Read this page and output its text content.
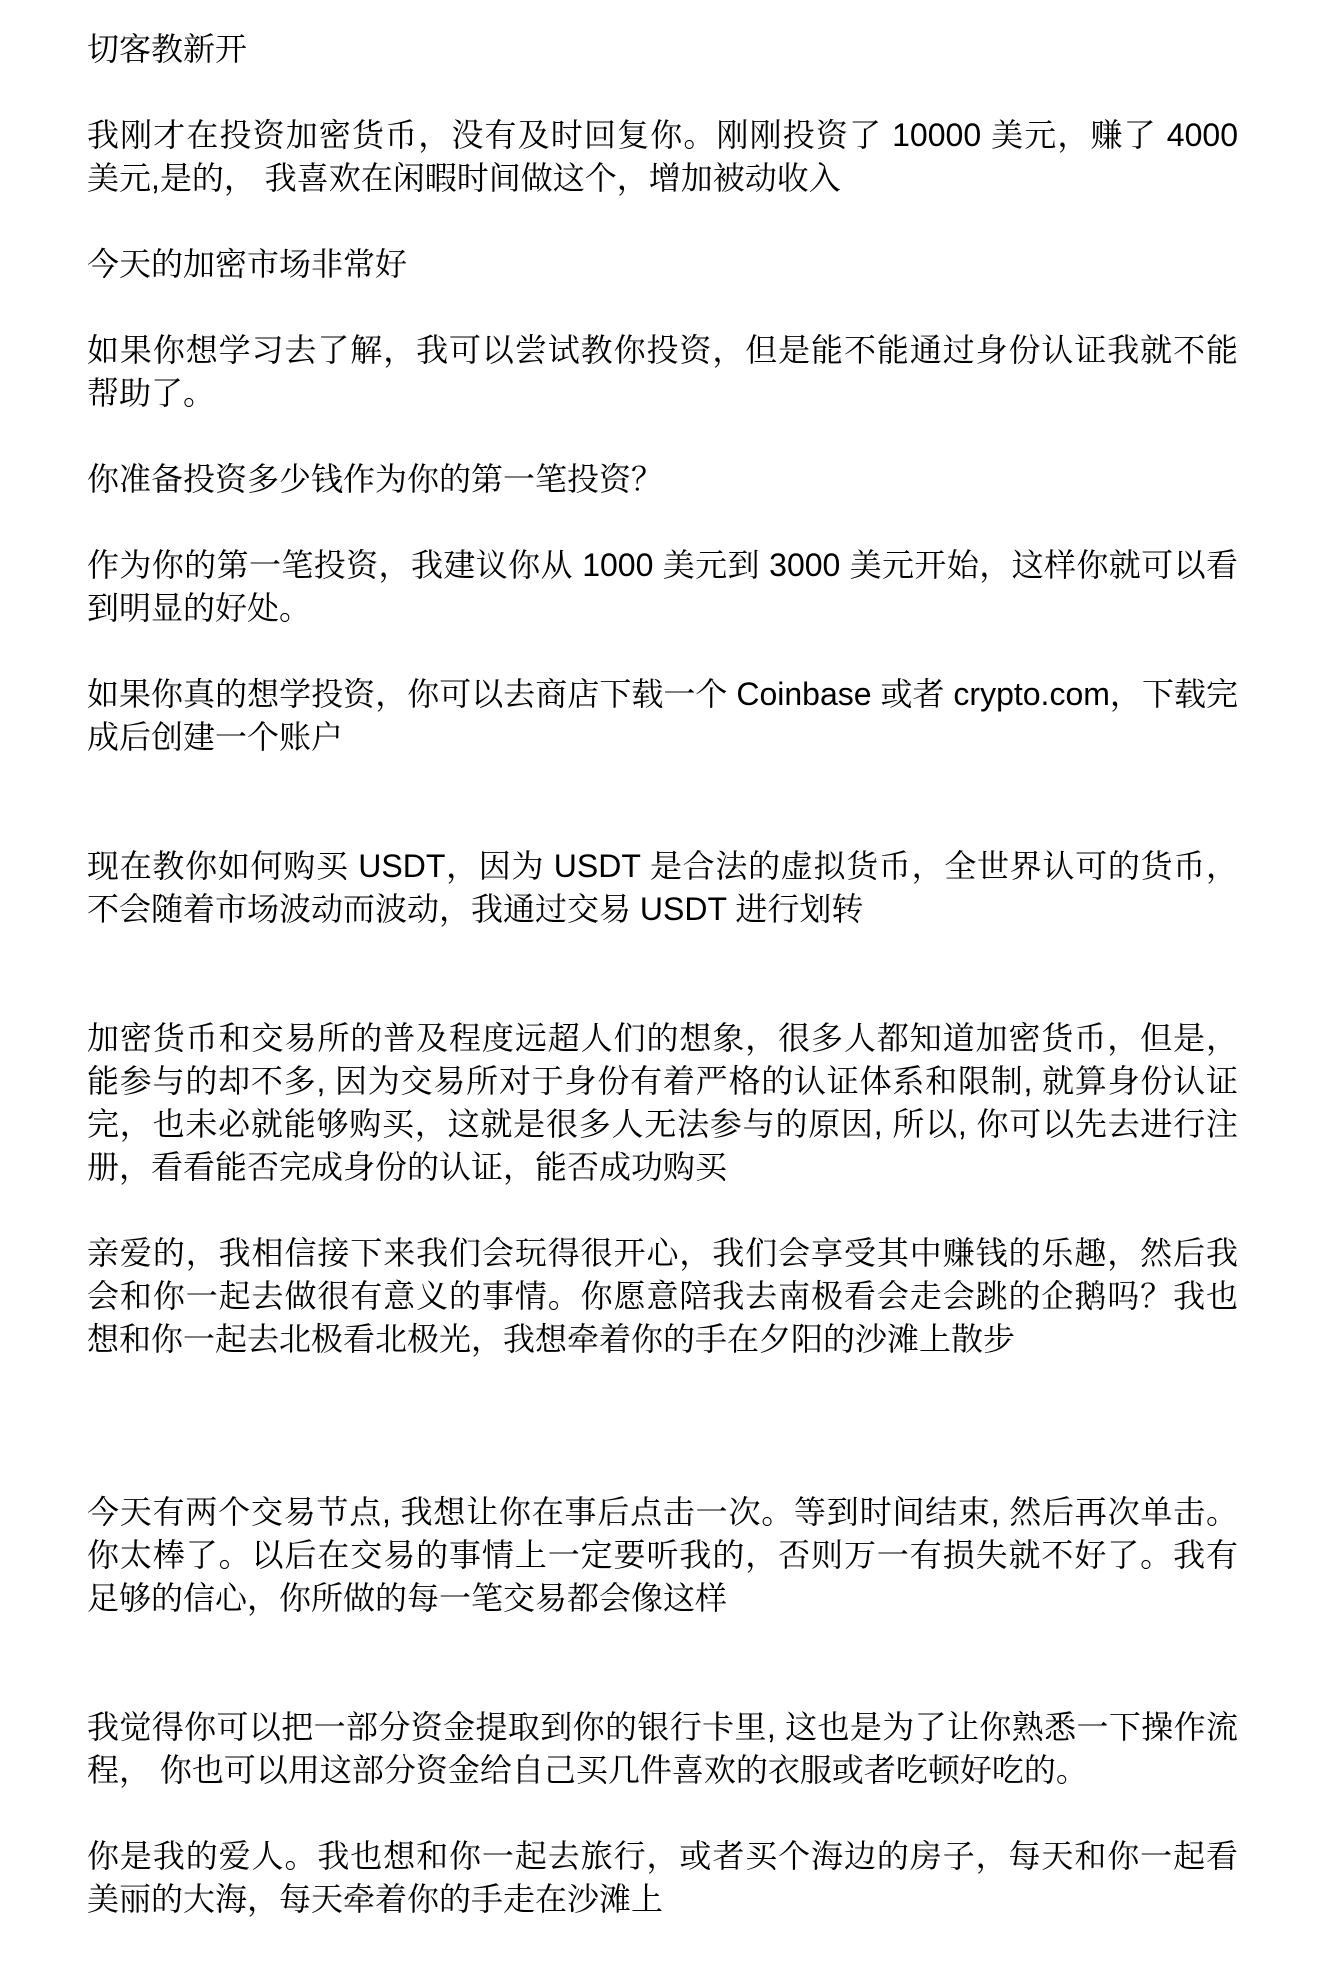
切客教新开

我刚才在投资加密货币，没有及时回复你。刚刚投资了 10000 美元，赚了 4000 美元,是的， 我喜欢在闲暇时间做这个，增加被动收入

今天的加密市场非常好

如果你想学习去了解，我可以尝试教你投资，但是能不能通过身份认证我就不能帮助了。

你准备投资多少钱作为你的第一笔投资？

作为你的第一笔投资，我建议你从 1000 美元到 3000 美元开始，这样你就可以看到明显的好处。

如果你真的想学投资，你可以去商店下载一个 Coinbase 或者 crypto.com，下载完成后创建一个账户

现在教你如何购买 USDT，因为 USDT 是合法的虚拟货币，全世界认可的货币，不会随着市场波动而波动，我通过交易 USDT 进行划转

加密货币和交易所的普及程度远超人们的想象，很多人都知道加密货币，但是，能参与的却不多, 因为交易所对于身份有着严格的认证体系和限制, 就算身份认证完，也未必就能够购买，这就是很多人无法参与的原因, 所以, 你可以先去进行注册，看看能否完成身份的认证，能否成功购买

亲爱的，我相信接下来我们会玩得很开心，我们会享受其中赚钱的乐趣，然后我会和你一起去做很有意义的事情。你愿意陪我去南极看会走会跳的企鹅吗？我也想和你一起去北极看北极光，我想牵着你的手在夕阳的沙滩上散步

今天有两个交易节点, 我想让你在事后点击一次。等到时间结束, 然后再次单击。你太棒了。以后在交易的事情上一定要听我的，否则万一有损失就不好了。我有足够的信心，你所做的每一笔交易都会像这样

我觉得你可以把一部分资金提取到你的银行卡里, 这也是为了让你熟悉一下操作流程， 你也可以用这部分资金给自己买几件喜欢的衣服或者吃顿好吃的。

你是我的爱人。我也想和你一起去旅行，或者买个海边的房子，每天和你一起看美丽的大海，每天牵着你的手走在沙滩上
